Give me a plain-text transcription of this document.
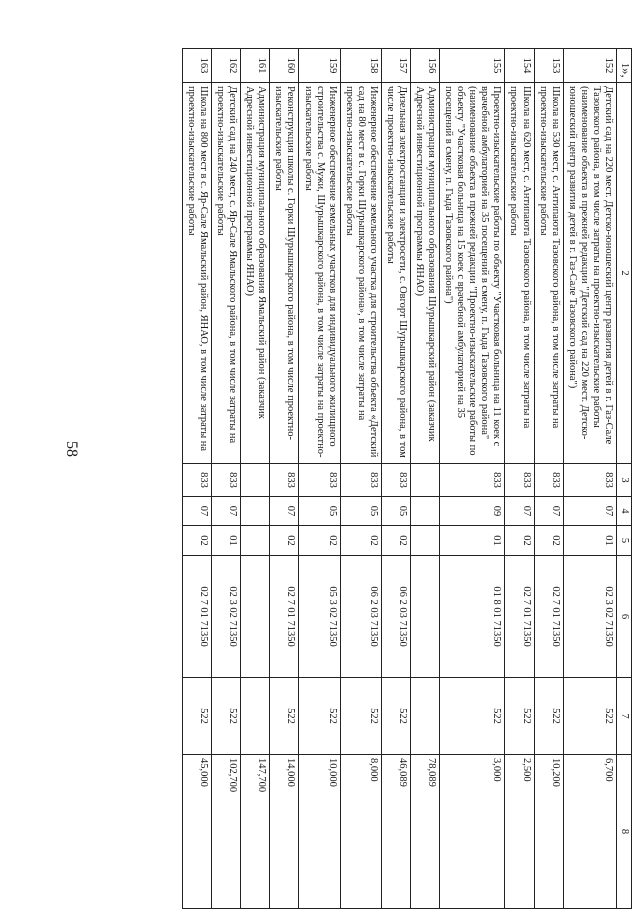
58
»,
1	2	3	4	5	6	7	8
152	Детский сад на 220 мест. Детско-юношеский центр развития детей в г. Газ-Сале Тазовского района, в том числе затраты на проектно-изыскательские работы (наименование объекта в прежней редакции "Детский сад на 220 мест. Детско-юношеский центр развития детей в г. Газ-Сале Тазовского района")	833	07	01	02 3 02 71350	522	6,700
153	Школа на 530 мест, с. Антипаюта Тазовского района, в том числе затраты на проектно-изыскательские работы	833	07	02	02 7 01 71350	522	10,200
154	Школа на 620 мест, с. Антипаюта Тазовского района, в том числе затраты на проектно-изыскательские работы	833	07	02	02 7 01 71350	522	2,500
155	Проектно-изыскательские работы по объекту "Участковая больница на 11 коек с врачебной амбулаторией на 35 посещений в смену, п. Гыда Тазовского района" (наименование объекта в прежней редакции "Проектно-изыскательские работы по объекту "Участковая больница на 15 коек с врачебной амбулаторией на 35 посещений в смену, п. Гыда Тазовского района")	833	09	01	01 8 01 71350	522	3,000
156	Администрация муниципального образования Шурышкарский район (заказчик Адресной инвестиционной программы ЯНАО)						78,089
157	Дизельная электростанция и электросети, с. Овгорт Шурышкарского района, в том числе проектно-изыскательские работы	833	05	02	06 2 03 71350	522	46,089
158	Инженерное обеспечение земельного участка для строительства объекта «Детский сад на 80 мест в с. Горки Шурышкарского района», в том числе затраты на проектно-изыскательские работы	833	05	02	06 2 03 71350	522	8,000
159	Инженерное обеспечение земельных участков для индивидуального жилищного строительства с. Мужи, Шурышкарского района, в том числе затраты на проектно-изыскательские работы	833	05	02	05 3 02 71350	522	10,000
160	Реконструкция школы с. Горки Шурышкарского района, в том числе проектно-изыскательские работы	833	07	02	02 7 01 71350	522	14,000
161	Администрация муниципального образования Ямальский район (заказчик Адресной инвестиционной программы ЯНАО)						147,700
162	Детский сад на 240 мест, с. Яр-Сале Ямальского района, в том числе затраты на проектно-изыскательские работы	833	07	01	02 3 02 71350	522	102,700
163	Школа на 800 мест в с. Яр-Сале Ямальский район, ЯНАО, в том числе затраты на проектно-изыскательские работы	833	07	02	02 7 01 71350	522	45,000
